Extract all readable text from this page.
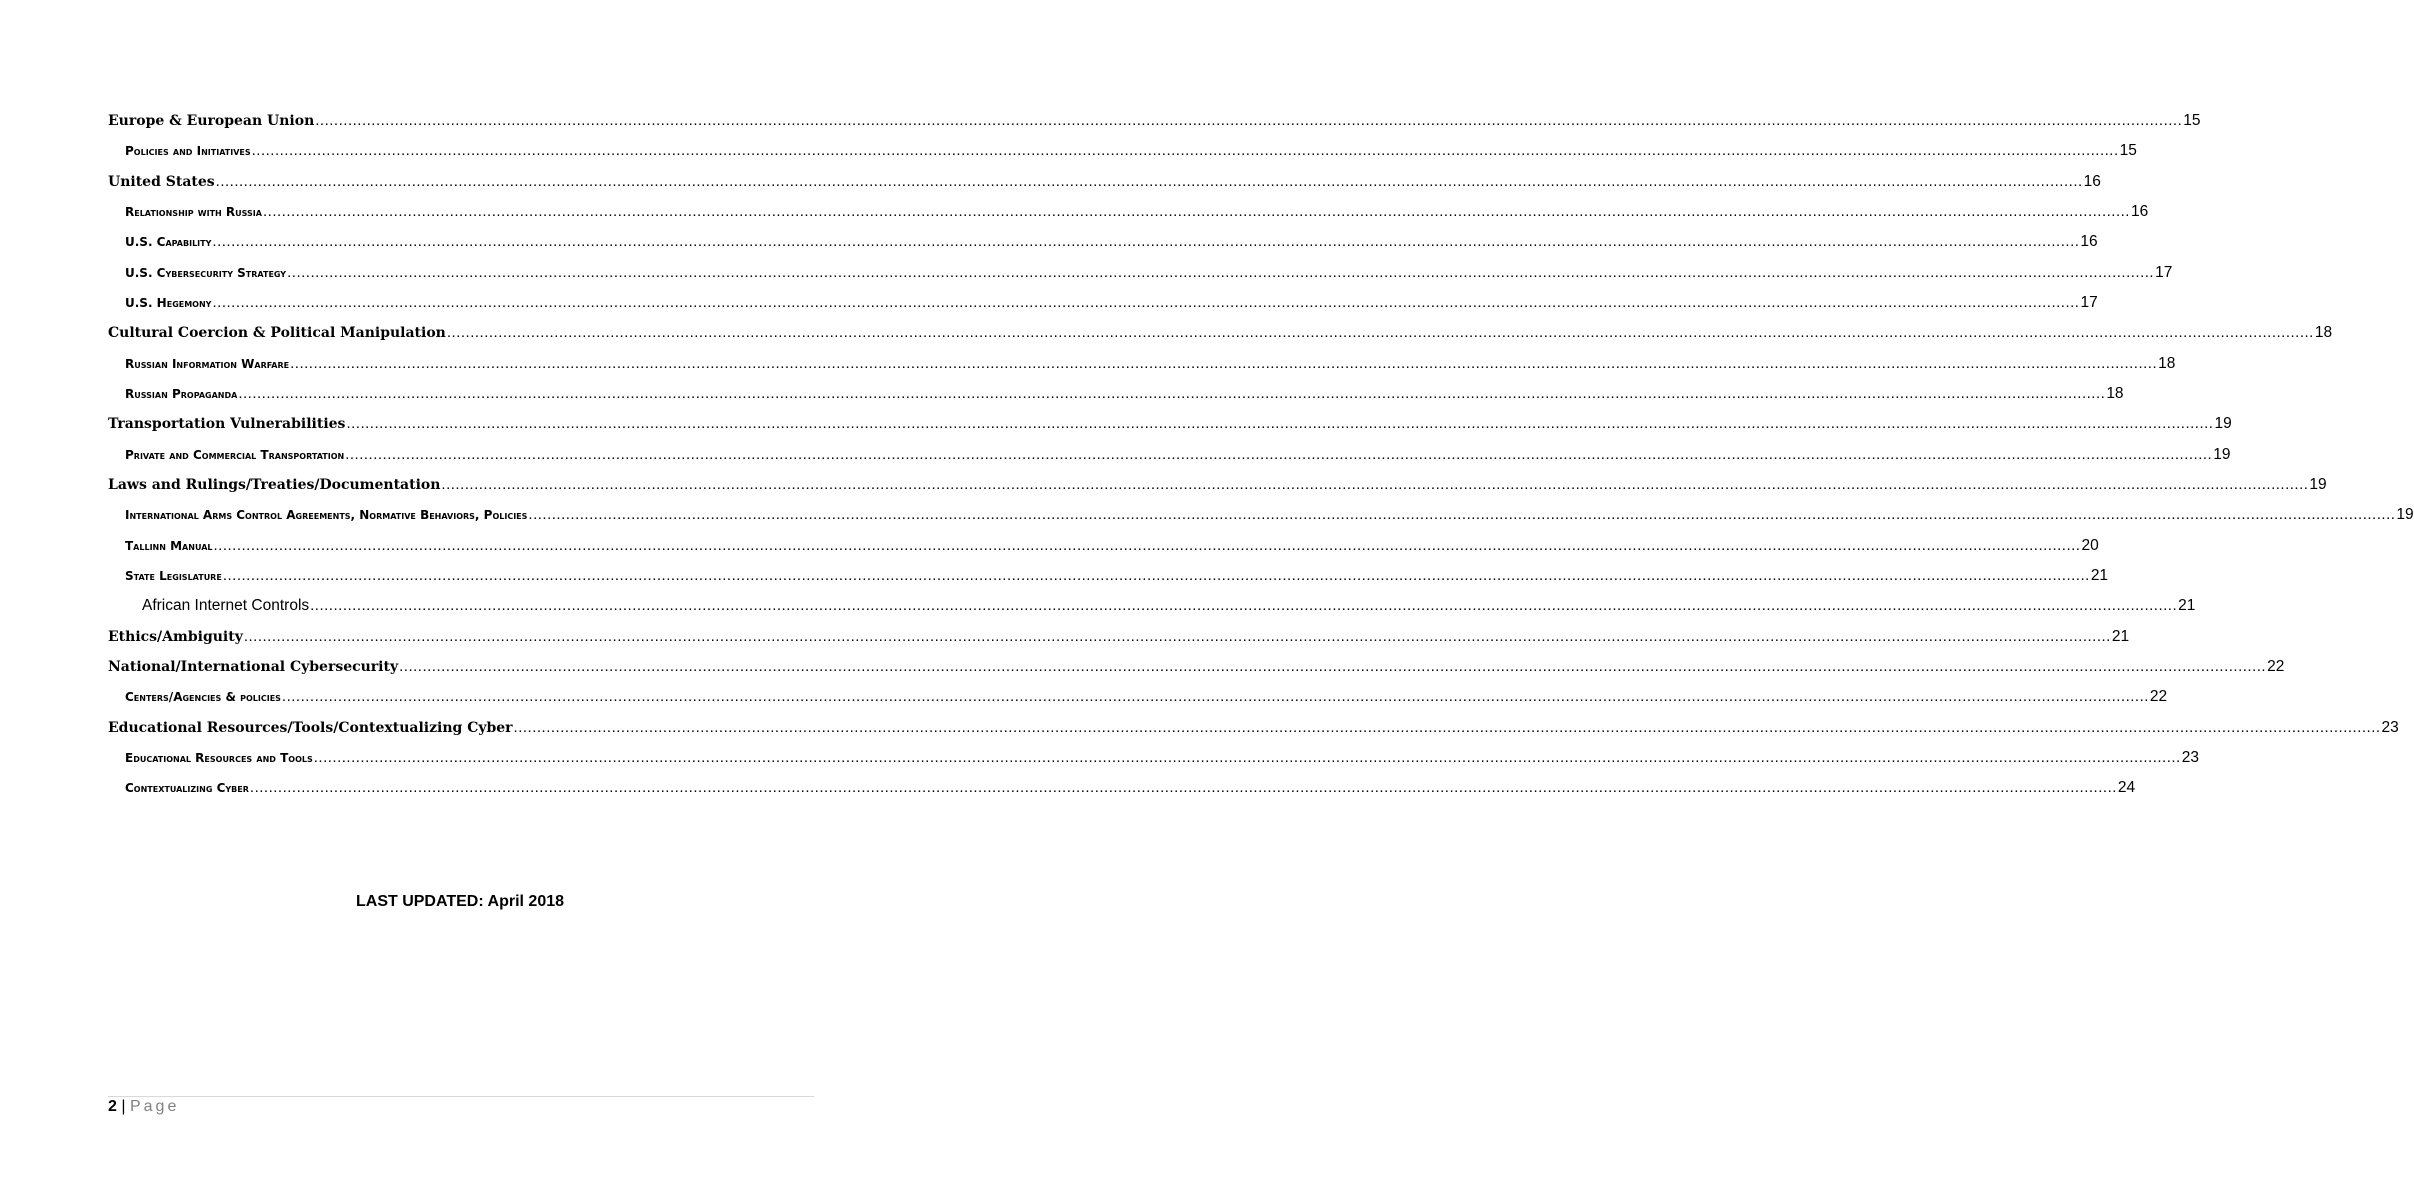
Europe & European Union ................................................................................................................................................................................................................................................................................................................................................................................................................ 15
Policies and Initiatives ................................................................................................................................................................................................................................................................................................................................................................................................................ 15
United States ................................................................................................................................................................................................................................................................................................................................................................................................................ 16
Relationship with Russia ................................................................................................................................................................................................................................................................................................................................................................................................................ 16
U.S. Capability ................................................................................................................................................................................................................................................................................................................................................................................................................ 16
U.S. Cybersecurity Strategy ................................................................................................................................................................................................................................................................................................................................................................................................................ 17
U.S. Hegemony ................................................................................................................................................................................................................................................................................................................................................................................................................ 17
Cultural Coercion & Political Manipulation ................................................................................................................................................................................................................................................................................................................................................................................................................ 18
Russian Information Warfare ................................................................................................................................................................................................................................................................................................................................................................................................................ 18
Russian Propaganda ................................................................................................................................................................................................................................................................................................................................................................................................................ 18
Transportation Vulnerabilities ................................................................................................................................................................................................................................................................................................................................................................................................................ 19
Private and Commercial Transportation ................................................................................................................................................................................................................................................................................................................................................................................................................ 19
Laws and Rulings/Treaties/Documentation ................................................................................................................................................................................................................................................................................................................................................................................................................ 19
International Arms Control Agreements, Normative Behaviors, Policies ................................................................................................................................................................................................................................................................................................................................................................................................................ 19
Tallinn Manual ................................................................................................................................................................................................................................................................................................................................................................................................................ 20
State Legislature ................................................................................................................................................................................................................................................................................................................................................................................................................ 21
African Internet Controls ................................................................................................................................................................................................................................................................................................................................................................................................................ 21
Ethics/Ambiguity ................................................................................................................................................................................................................................................................................................................................................................................................................ 21
National/International Cybersecurity ................................................................................................................................................................................................................................................................................................................................................................................................................ 22
Centers/Agencies & policies ................................................................................................................................................................................................................................................................................................................................................................................................................ 22
Educational Resources/Tools/Contextualizing Cyber ................................................................................................................................................................................................................................................................................................................................................................................................................ 23
Educational Resources and Tools ................................................................................................................................................................................................................................................................................................................................................................................................................ 23
Contextualizing Cyber ................................................................................................................................................................................................................................................................................................................................................................................................................ 24
LAST UPDATED: April 2018
2 | Page
